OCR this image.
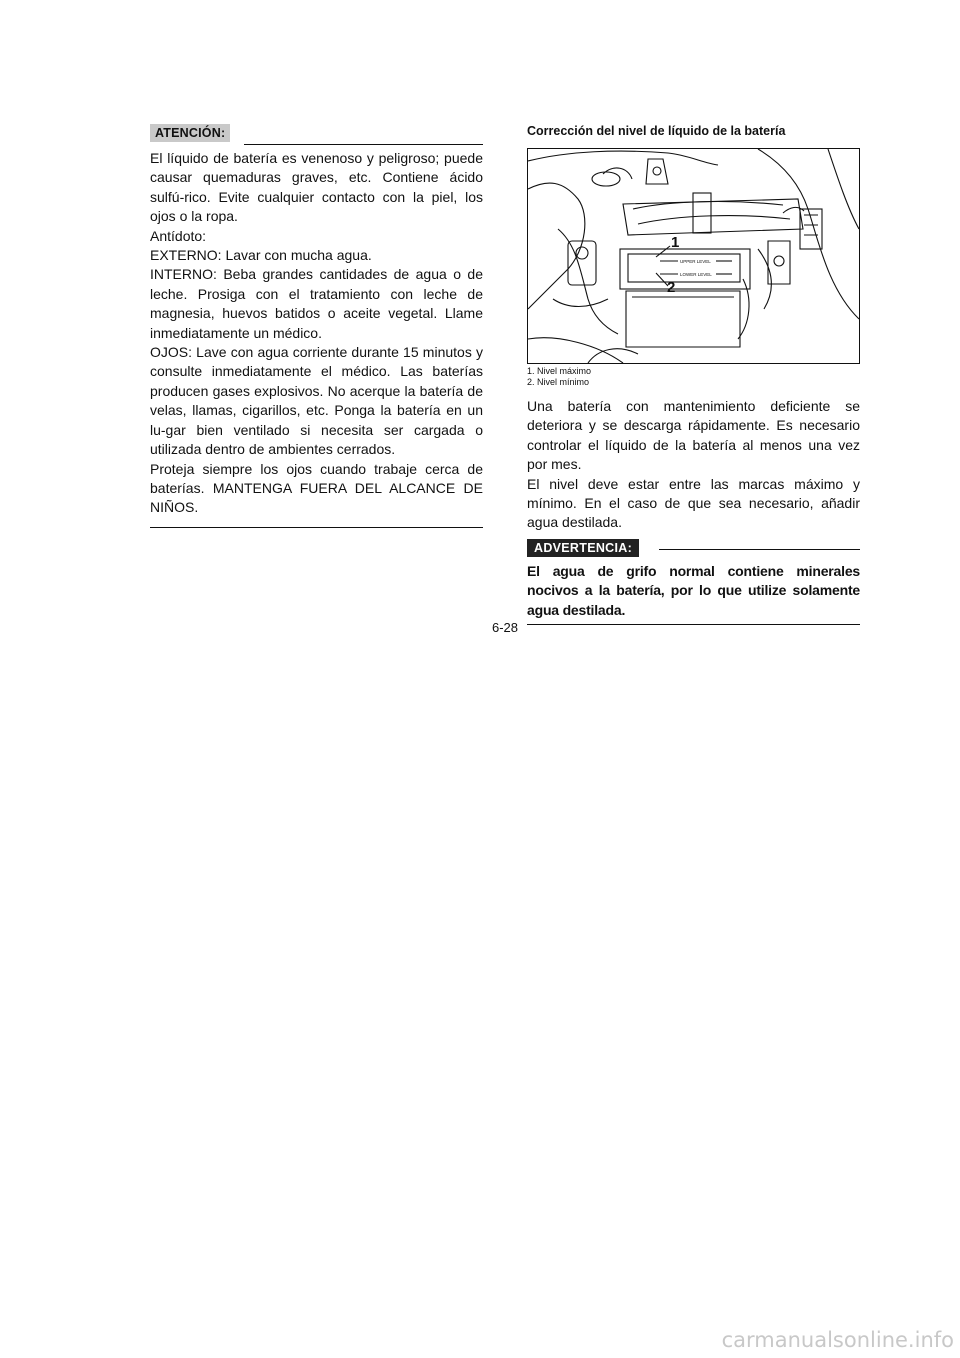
ATENCIÓN:

El líquido de batería es venenoso y peligroso; puede causar quemaduras graves, etc. Contiene ácido sulfú-rico. Evite cualquier contacto con la piel, los ojos o la ropa.

Antídoto:

EXTERNO: Lavar con mucha agua.

INTERNO: Beba grandes cantidades de agua o de leche. Prosiga con el tratamiento con leche de magnesia, huevos batidos o aceite vegetal. Llame inmediatamente un médico.

OJOS: Lave con agua corriente durante 15 minutos y consulte inmediatamente el médico. Las baterías producen gases explosivos. No acerque la batería de velas, llamas, cigarillos, etc. Ponga la batería en un lu-gar bien ventilado si necesita ser cargada o utilizada dentro de ambientes cerrados.

Proteja siempre los ojos cuando trabaje cerca de baterías. MANTENGA FUERA DEL ALCANCE DE NIÑOS.

Corrección del nivel de líquido de la batería
UPPER LEVEL
LOWER LEVEL
1
2
1. Nivel máximo
2. Nivel mínimo

Una batería con mantenimiento deficiente se deteriora y se descarga rápidamente. Es necesario controlar el líquido de la batería al menos una vez por mes.

El nivel deve estar entre las marcas máximo y mínimo. En el caso de que sea necesario, añadir agua destilada.

ADVERTENCIA:
El agua de grifo normal contiene minerales nocivos a la batería, por lo que utilize solamente agua destilada.
6-28
carmanualsonline.info
